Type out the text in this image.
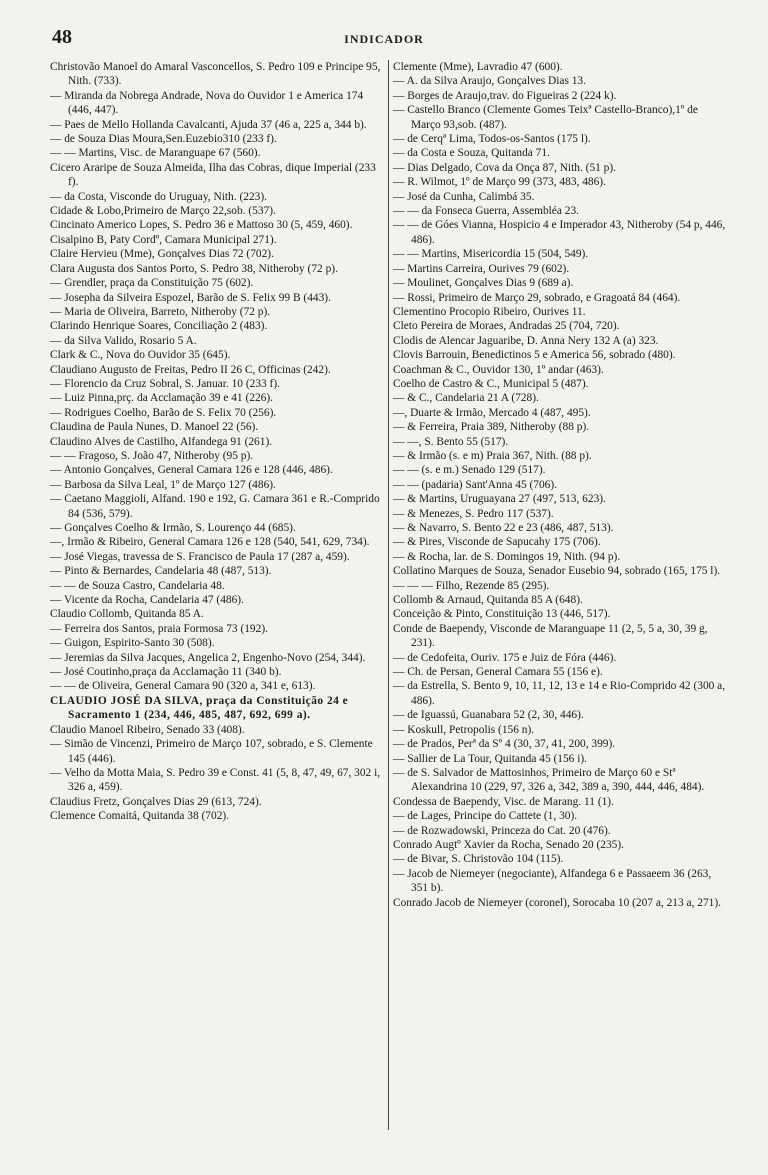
48	INDICADOR
Christovão Manoel do Amaral Vasconcellos, S. Pedro 109 e Principe 95, Nith. (733).
— Miranda da Nobrega Andrade, Nova do Ouvidor 1 e America 174 (446, 447).
— Paes de Mello Hollanda Cavalcanti, Ajuda 37 (46 a, 225 a, 344 b).
— de Souza Dias Moura,Sen.Euzebio310 (233 f).
— — Martins, Visc. de Maranguape 67 (560).
Cicero Araripe de Souza Almeida, Ilha das Cobras, dique Imperial (233 f).
— da Costa, Visconde do Uruguay, Nith. (223).
Cidade & Lobo,Primeiro de Março 22,sob. (537).
Cincinato Americo Lopes, S. Pedro 36 e Mattoso 30 (5, 459, 460).
Cisalpino B, Paty Cordº, Camara Municipal 271).
Claire Hervieu (Mme), Gonçalves Dias 72 (702).
Clara Augusta dos Santos Porto, S. Pedro 38, Nitheroby (72 p).
— Grendler, praça da Constituição 75 (602).
— Josepha da Silveira Espozel, Barão de S. Felix 99 B (443).
— Maria de Oliveira, Barreto, Nitheroby (72 p).
Clarindo Henrique Soares, Conciliação 2 (483).
— da Silva Valido, Rosario 5 A.
Clark & C., Nova do Ouvidor 35 (645).
Claudiano Augusto de Freitas, Pedro II 26 C, Officinas (242).
— Florencio da Cruz Sobral, S. Januar. 10 (233 f).
— Luiz Pinna,prç. da Acclamação 39 e 41 (226).
— Rodrigues Coelho, Barão de S. Felix 70 (256).
Claudina de Paula Nunes, D. Manoel 22 (56).
Claudino Alves de Castilho, Alfandega 91 (261).
— — Fragoso, S. João 47, Nitheroby (95 p).
— Antonio Gonçalves, General Camara 126 e 128 (446, 486).
— Barbosa da Silva Leal, 1º de Março 127 (486).
— Caetano Maggioli, Alfand. 190 e 192, G. Camara 361 e R.-Comprido 84 (536, 579).
— Gonçalves Coelho & Irmão, S. Lourenço 44 (685).
—, Irmão & Ribeiro, General Camara 126 e 128 (540, 541, 629, 734).
— José Viegas, travessa de S. Francisco de Paula 17 (287 a, 459).
— Pinto & Bernardes, Candelaria 48 (487, 513).
— — de Souza Castro, Candelaria 48.
— Vicente da Rocha, Candelaria 47 (486).
Claudio Collomb, Quitanda 85 A.
— Ferreira dos Santos, praia Formosa 73 (192).
— Guigon, Espirito-Santo 30 (508).
— Jeremias da Silva Jacques, Angelica 2, Engenho-Novo (254, 344).
— José Coutinho,praça da Acclamação 11 (340 b).
— — de Oliveira, General Camara 90 (320 a, 341 e, 613).
CLAUDIO JOSÉ DA SILVA, praça da Constituição 24 e Sacramento 1 (234, 446, 485, 487, 692, 699 a).
Claudio Manoel Ribeiro, Senado 33 (408).
— Simão de Vincenzi, Primeiro de Março 107, sobrado, e S. Clemente 145 (446).
— Velho da Motta Maia, S. Pedro 39 e Const. 41 (5, 8, 47, 49, 67, 302 i, 326 a, 459).
Claudius Fretz, Gonçalves Dias 29 (613, 724).
Clemence Comaitá, Quitanda 38 (702).
Clemente (Mme), Lavradio 47 (600).
— A. da Silva Araujo, Gonçalves Dias 13.
— Borges de Araujo,trav. do Figueiras 2 (224 k).
— Castello Branco (Clemente Gomes Teixª Castello-Branco),1º de Março 93,sob. (487).
— de Cerqª Lima, Todos-os-Santos (175 l).
— da Costa e Souza, Quitanda 71.
— Dias Delgado, Cova da Onça 87, Nith. (51 p).
— R. Wilmot, 1º de Março 99 (373, 483, 486).
— José da Cunha, Calimbá 35.
— — da Fonseca Guerra, Assembléa 23.
— — de Góes Vianna, Hospicio 4 e Imperador 43, Nitheroby (54 p, 446, 486).
— — Martins, Misericordia 15 (504, 549).
— Martins Carreira, Ourives 79 (602).
— Moulinet, Gonçalves Dias 9 (689 a).
— Rossi, Primeiro de Março 29, sobrado, e Gragoatá 84 (464).
Clementino Procopio Ribeiro, Ourives 11.
Cleto Pereira de Moraes, Andradas 25 (704, 720).
Clodis de Alencar Jaguaribe, D. Anna Nery 132 A (a) 323.
Clovis Barrouin, Benedictinos 5 e America 56, sobrado (480).
Coachman & C., Ouvidor 130, 1º andar (463).
Coelho de Castro & C., Municipal 5 (487).
— & C., Candelaria 21 A (728).
—, Duarte & Irmão, Mercado 4 (487, 495).
— & Ferreira, Praia 389, Nitheroby (88 p).
— —, S. Bento 55 (517).
— & Irmão (s. e m) Praia 367, Nith. (88 p).
— — (s. e m.) Senado 129 (517).
— — (padaria) Sant'Anna 45 (706).
— & Martins, Uruguayana 27 (497, 513, 623).
— & Menezes, S. Pedro 117 (537).
— & Navarro, S. Bento 22 e 23 (486, 487, 513).
— & Pires, Visconde de Sapucahy 175 (706).
— & Rocha, lar. de S. Domingos 19, Nith. (94 p).
Collatino Marques de Souza, Senador Eusebio 94, sobrado (165, 175 l).
— — — Filho, Rezende 85 (295).
Collomb & Arnaud, Quitanda 85 A (648).
Conceição & Pinto, Constituição 13 (446, 517).
Conde de Baependy, Visconde de Maranguape 11 (2, 5, 5 a, 30, 39 g, 231).
— de Cedofeita, Ouriv. 175 e Juiz de Fóra (446).
— Ch. de Persan, General Camara 55 (156 e).
— da Estrella, S. Bento 9, 10, 11, 12, 13 e 14 e Rio-Comprido 42 (300 a, 486).
— de Iguassú, Guanabara 52 (2, 30, 446).
— Koskull, Petropolis (156 n).
— de Prados, Perª da Sº 4 (30, 37, 41, 200, 399).
— Sallier de La Tour, Quitanda 45 (156 i).
— de S. Salvador de Mattosinhos, Primeiro de Março 60 e Stª Alexandrina 10 (229, 97, 326 a, 342, 389 a, 390, 444, 446, 484).
Condessa de Baependy, Visc. de Marang. 11 (1).
— de Lages, Principe do Cattete (1, 30).
— de Rozwadowski, Princeza do Cat. 20 (476).
Conrado Augtº Xavier da Rocha, Senado 20 (235).
— de Bivar, S. Christovão 104 (115).
— Jacob de Niemeyer (negociante), Alfandega 6 e Passaeem 36 (263, 351 b).
Conrado Jacob de Niemeyer (coronel), Sorocaba 10 (207 a, 213 a, 271).
